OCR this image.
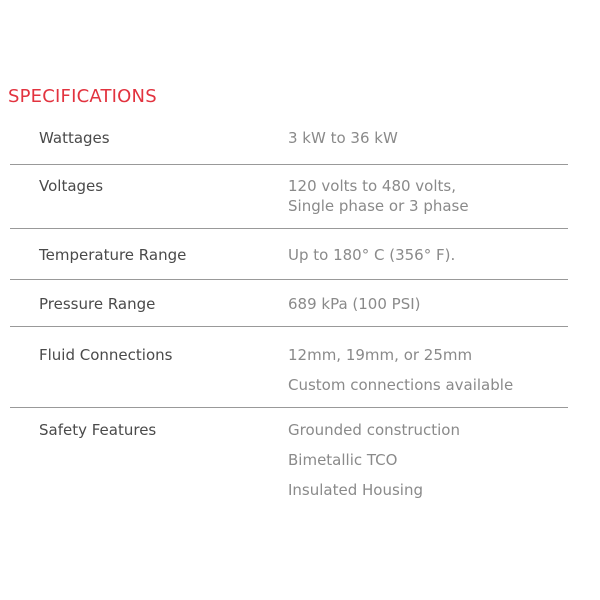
SPECIFICATIONS
Wattages	3 kW to 36 kW
Voltages	120 volts to 480 volts,
Single phase or 3 phase
Temperature Range	Up to 180° C (356° F).
Pressure Range	689 kPa (100 PSI)
Fluid Connections	12mm, 19mm, or 25mm
Custom connections available
Safety Features	Grounded construction
Bimetallic TCO
Insulated Housing
